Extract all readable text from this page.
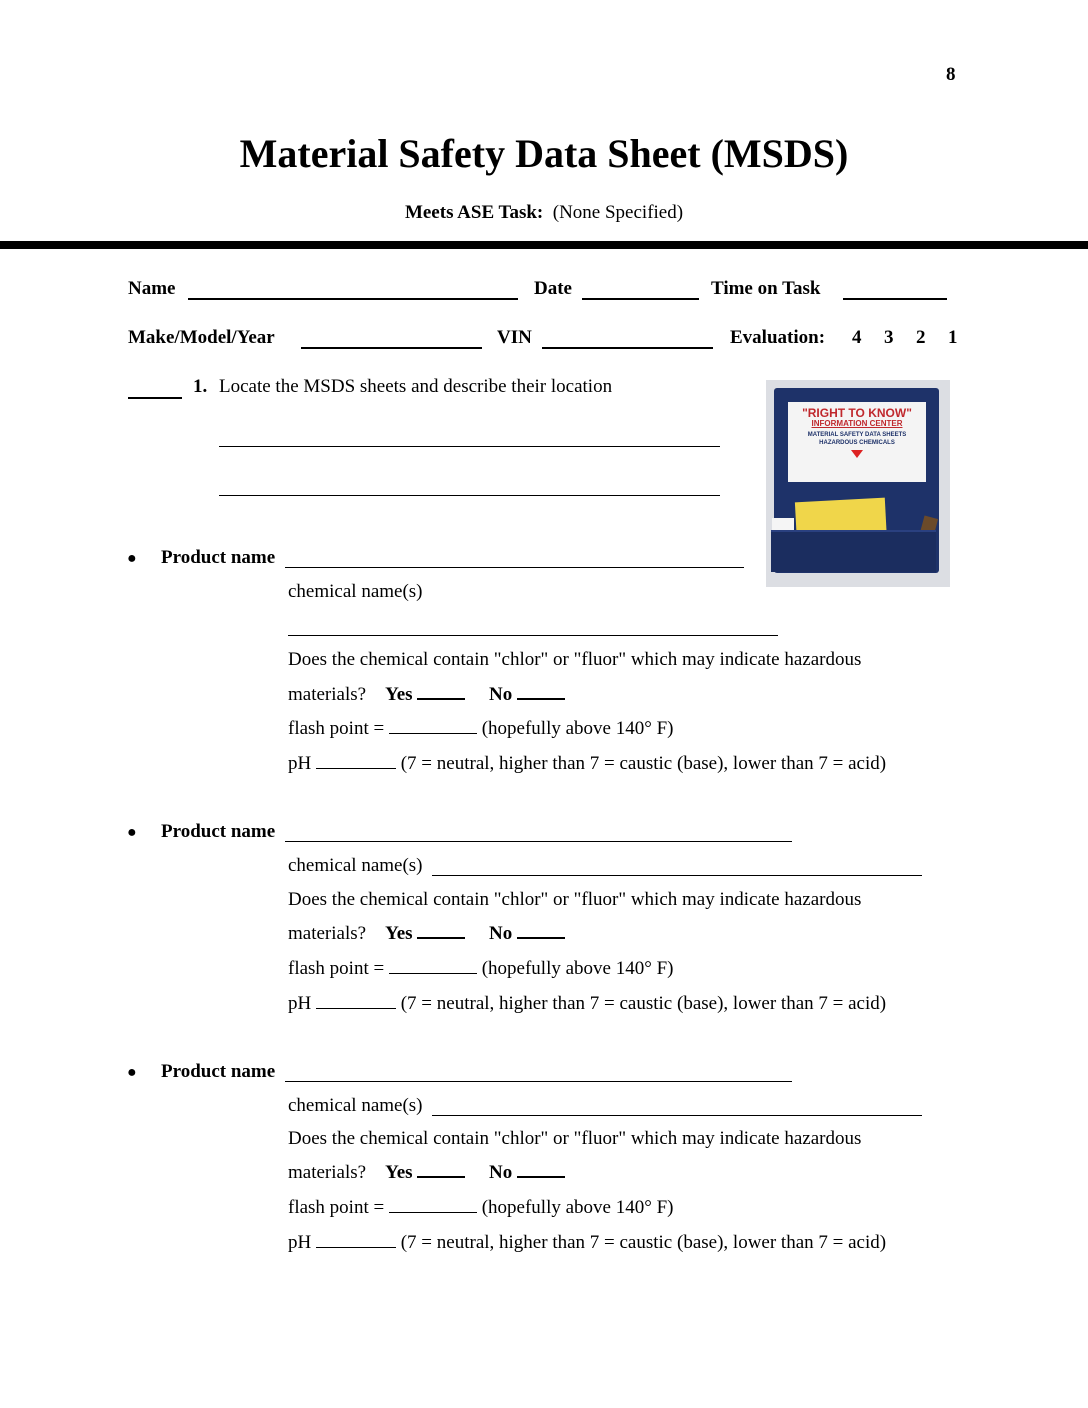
8
Material Safety Data Sheet (MSDS)
Meets ASE Task: (None Specified)
Name	Date	Time on Task
Make/Model/Year	VIN	Evaluation: 4 3 2 1
1. Locate the MSDS sheets and describe their location
"RIGHT TO KNOW"
INFORMATION CENTER
MATERIAL SAFETY DATA SHEETS
HAZARDOUS CHEMICALS
● Product name
chemical name(s)
Does the chemical contain "chlor" or "fluor" which may indicate hazardous
materials? Yes	No
flash point =	(hopefully above 140° F)
pH	(7 = neutral, higher than 7 = caustic (base), lower than 7 = acid)
● Product name
chemical name(s)
Does the chemical contain "chlor" or "fluor" which may indicate hazardous
materials? Yes	No
flash point =	(hopefully above 140° F)
pH	(7 = neutral, higher than 7 = caustic (base), lower than 7 = acid)
● Product name
chemical name(s)
Does the chemical contain "chlor" or "fluor" which may indicate hazardous
materials? Yes	No
flash point =	(hopefully above 140° F)
pH	(7 = neutral, higher than 7 = caustic (base), lower than 7 = acid)
